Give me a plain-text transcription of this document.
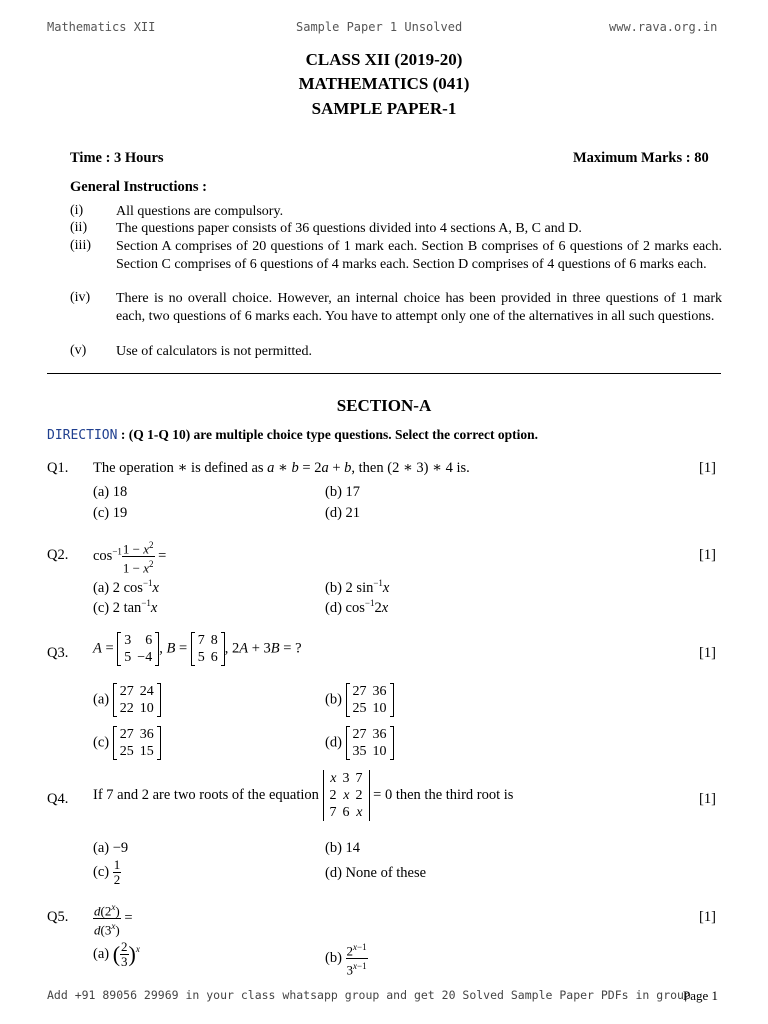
Mathematics XII	Sample Paper 1 Unsolved	www.rava.org.in
CLASS XII (2019-20)
MATHEMATICS (041)
SAMPLE PAPER-1
Time : 3 Hours	Maximum Marks : 80
General Instructions :
(i) All questions are compulsory.
(ii) The questions paper consists of 36 questions divided into 4 sections A, B, C and D.
(iii) Section A comprises of 20 questions of 1 mark each. Section B comprises of 6 questions of 2 marks each. Section C comprises of 6 questions of 4 marks each. Section D comprises of 4 questions of 6 marks each.
(iv) There is no overall choice. However, an internal choice has been provided in three questions of 1 mark each, two questions of 6 marks each. You have to attempt only one of the alternatives in all such questions.
(v) Use of calculators is not permitted.
SECTION-A
DIRECTION : (Q 1-Q 10) are multiple choice type questions. Select the correct option.
Q1. The operation ∗ is defined as a ∗ b = 2a + b, then (2 ∗ 3) ∗ 4 is.	[1]
(a) 18	(b) 17
(c) 19	(d) 21
Q2. $\cos^{-1} \frac{1 - x^2}{1 - x^2}$ =	[1]
(a) 2 $\cos^{-1}x$	(b) 2 $\sin^{-1}x$
(c) 2 $\tan^{-1}x$	(d) $\cos^{-1}2x$
Q3. A = 3	6
5	−4
, B = 7	8
5	6
, 2A + 3B = ?	[1]
(a) 27	24
22	10
(b) 27	36
25	10
(c) 27	36
25	15
(d) 27	36
35	10
Q4. If 7 and 2 are two roots of the equation
x	3	7
2	x	2
7	6	x
= 0 then the third root is	[1]
(a) −9	(b) 14
$(c) \frac{1}{2}$	(d) None of these
Q5. $\frac{d(2^x)}{d(3^x)}$ =	[1]
(a) ( $\frac{2}{3} )^x$
$(b) \frac{2^{x-1}}{3^{x-1}}$
Add +91 89056 29969 in your class whatsapp group and get 20 Solved Sample Paper PDFs in group
Page 1
